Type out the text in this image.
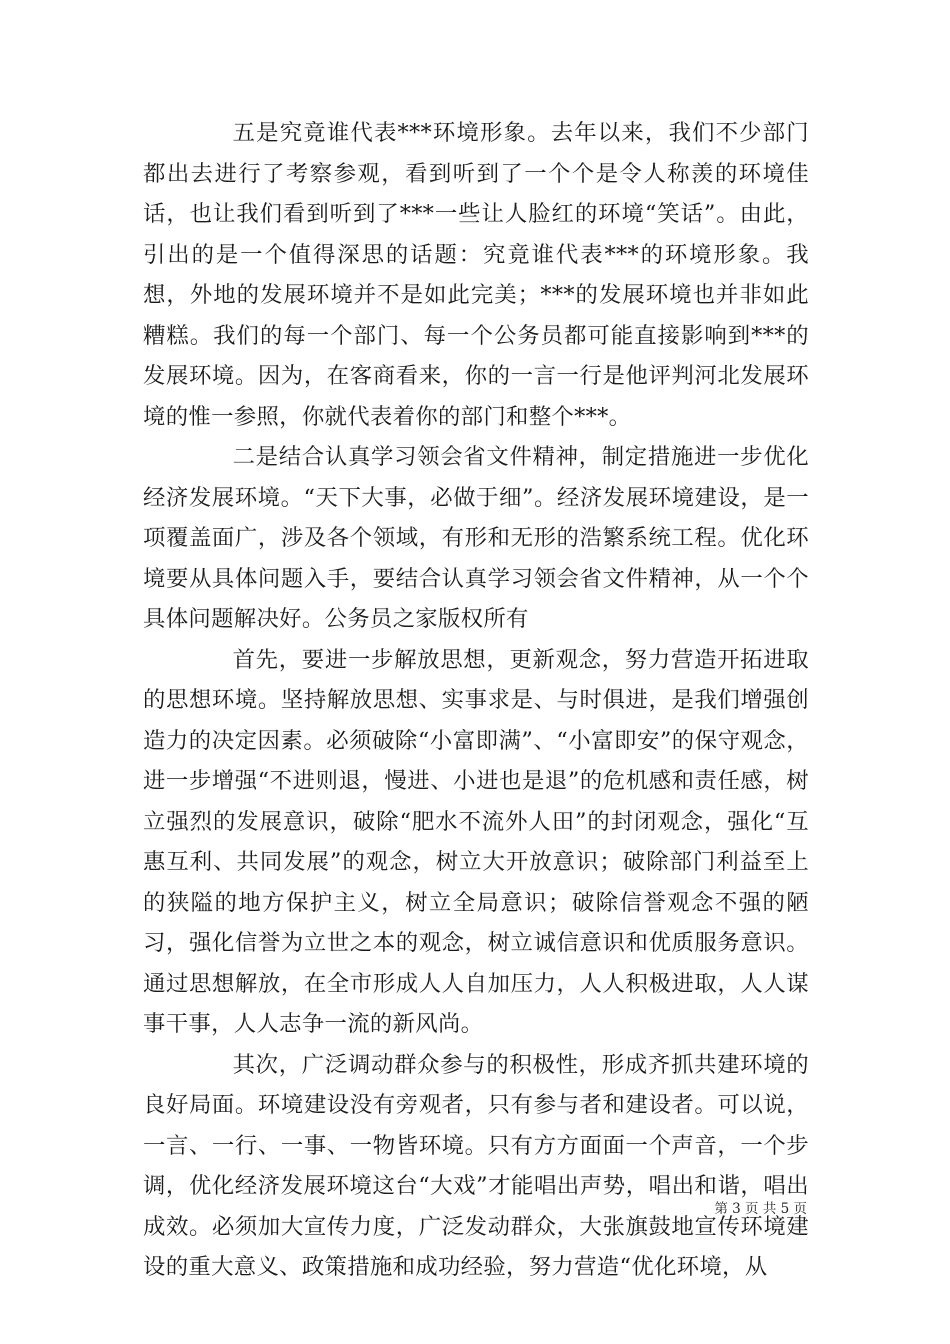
五是究竟谁代表***环境形象。去年以来，我们不少部门都出去进行了考察参观，看到听到了一个个是令人称羡的环境佳话，也让我们看到听到了***一些让人脸红的环境“笑话”。由此，引出的是一个值得深思的话题：究竟谁代表***的环境形象。我想，外地的发展环境并不是如此完美；***的发展环境也并非如此糟糕。我们的每一个部门、每一个公务员都可能直接影响到***的发展环境。因为，在客商看来，你的一言一行是他评判河北发展环境的惟一参照，你就代表着你的部门和整个***。

二是结合认真学习领会省文件精神，制定措施进一步优化经济发展环境。“天下大事，必做于细”。经济发展环境建设，是一项覆盖面广，涉及各个领域，有形和无形的浩繁系统工程。优化环境要从具体问题入手，要结合认真学习领会省文件精神，从一个个具体问题解决好。公务员之家版权所有

首先，要进一步解放思想，更新观念，努力营造开拓进取的思想环境。坚持解放思想、实事求是、与时俱进，是我们增强创造力的决定因素。必须破除“小富即满”、“小富即安”的保守观念，进一步增强“不进则退，慢进、小进也是退”的危机感和责任感，树立强烈的发展意识，破除“肥水不流外人田”的封闭观念，强化“互惠互利、共同发展”的观念，树立大开放意识；破除部门利益至上的狭隘的地方保护主义，树立全局意识；破除信誉观念不强的陋习，强化信誉为立世之本的观念，树立诚信意识和优质服务意识。通过思想解放，在全市形成人人自加压力，人人积极进取，人人谋事干事，人人志争一流的新风尚。

其次，广泛调动群众参与的积极性，形成齐抓共建环境的良好局面。环境建设没有旁观者，只有参与者和建设者。可以说，一言、一行、一事、一物皆环境。只有方方面面一个声音，一个步调，优化经济发展环境这台“大戏”才能唱出声势，唱出和谐，唱出成效。必须加大宣传力度，广泛发动群众，大张旗鼓地宣传环境建设的重大意义、政策措施和成功经验，努力营造“优化环境，从

第 3 页 共 5 页
